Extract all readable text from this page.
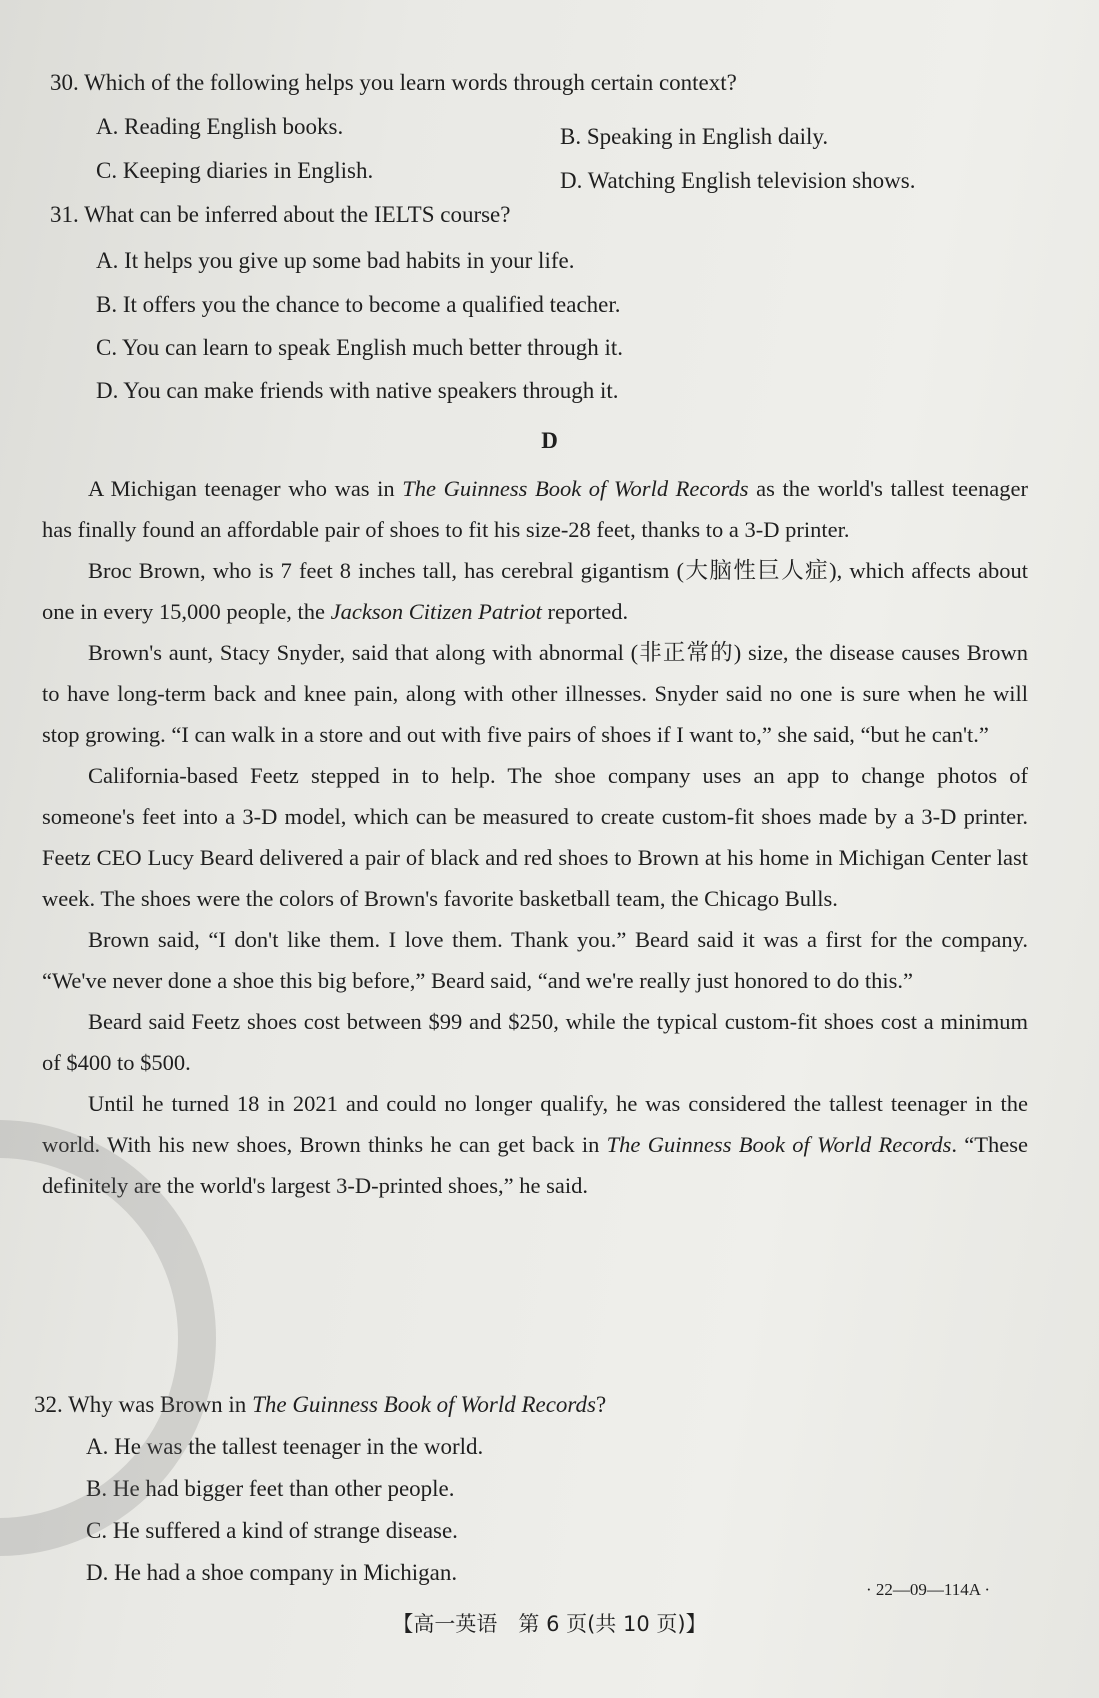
30. Which of the following helps you learn words through certain context?
A. Reading English books.	B. Speaking in English daily.
C. Keeping diaries in English.	D. Watching English television shows.
31. What can be inferred about the IELTS course?
A. It helps you give up some bad habits in your life.
B. It offers you the chance to become a qualified teacher.
C. You can learn to speak English much better through it.
D. You can make friends with native speakers through it.
D

A Michigan teenager who was in The Guinness Book of World Records as the world's tallest teenager has finally found an affordable pair of shoes to fit his size-28 feet, thanks to a 3-D printer.

Broc Brown, who is 7 feet 8 inches tall, has cerebral gigantism (大脑性巨人症), which affects about one in every 15,000 people, the Jackson Citizen Patriot reported.

Brown's aunt, Stacy Snyder, said that along with abnormal (非正常的) size, the disease causes Brown to have long-term back and knee pain, along with other illnesses. Snyder said no one is sure when he will stop growing. “I can walk in a store and out with five pairs of shoes if I want to,” she said, “but he can't.”

California-based Feetz stepped in to help. The shoe company uses an app to change photos of someone's feet into a 3-D model, which can be measured to create custom-fit shoes made by a 3-D printer. Feetz CEO Lucy Beard delivered a pair of black and red shoes to Brown at his home in Michigan Center last week. The shoes were the colors of Brown's favorite basketball team, the Chicago Bulls.

Brown said, “I don't like them. I love them. Thank you.” Beard said it was a first for the company. “We've never done a shoe this big before,” Beard said, “and we're really just honored to do this.”

Beard said Feetz shoes cost between $99 and $250, while the typical custom-fit shoes cost a minimum of $400 to $500.

Until he turned 18 in 2021 and could no longer qualify, he was considered the tallest teenager in the world. With his new shoes, Brown thinks he can get back in The Guinness Book of World Records. “These definitely are the world's largest 3-D-printed shoes,” he said.

32. Why was Brown in The Guinness Book of World Records?
A. He was the tallest teenager in the world.
B. He had bigger feet than other people.
C. He suffered a kind of strange disease.
D. He had a shoe company in Michigan.
· 22—09—114A ·
【高一英语　第 6 页(共 10 页)】
